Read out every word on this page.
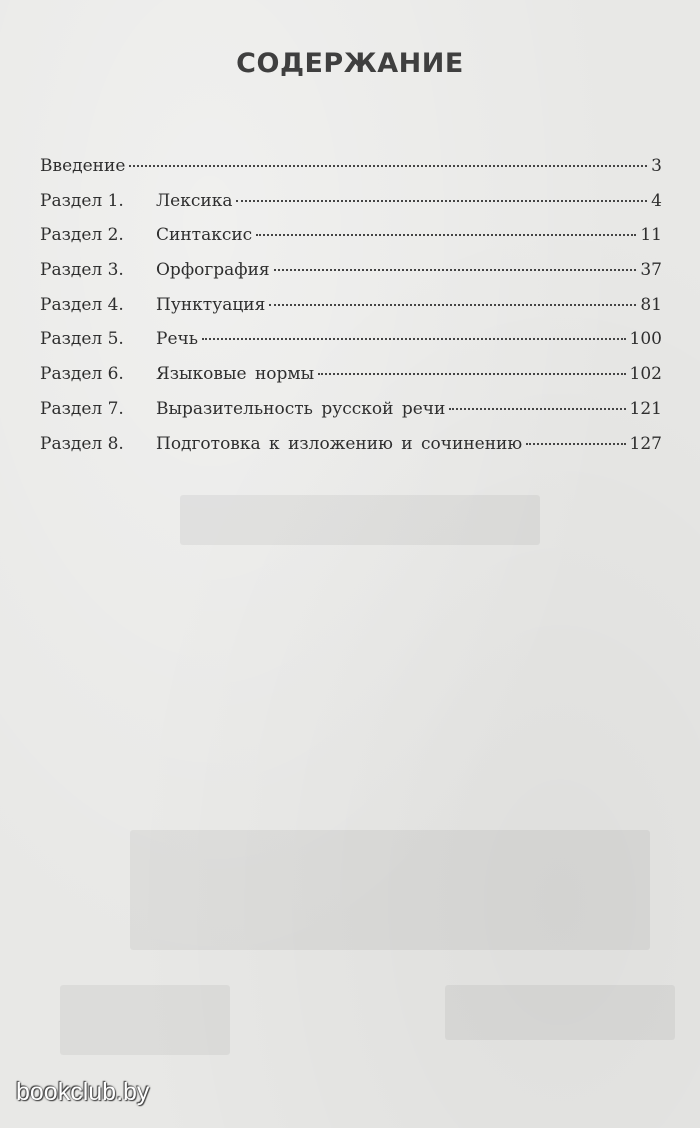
СОДЕРЖАНИЕ
Введение	3
Раздел 1.	Лексика	4
Раздел 2.	Синтаксис	11
Раздел 3.	Орфография	37
Раздел 4.	Пунктуация	81
Раздел 5.	Речь	100
Раздел 6.	Языковые нормы	102
Раздел 7.	Выразительность русской речи	121
Раздел 8.	Подготовка к изложению и сочинению	127
bookclub.by
